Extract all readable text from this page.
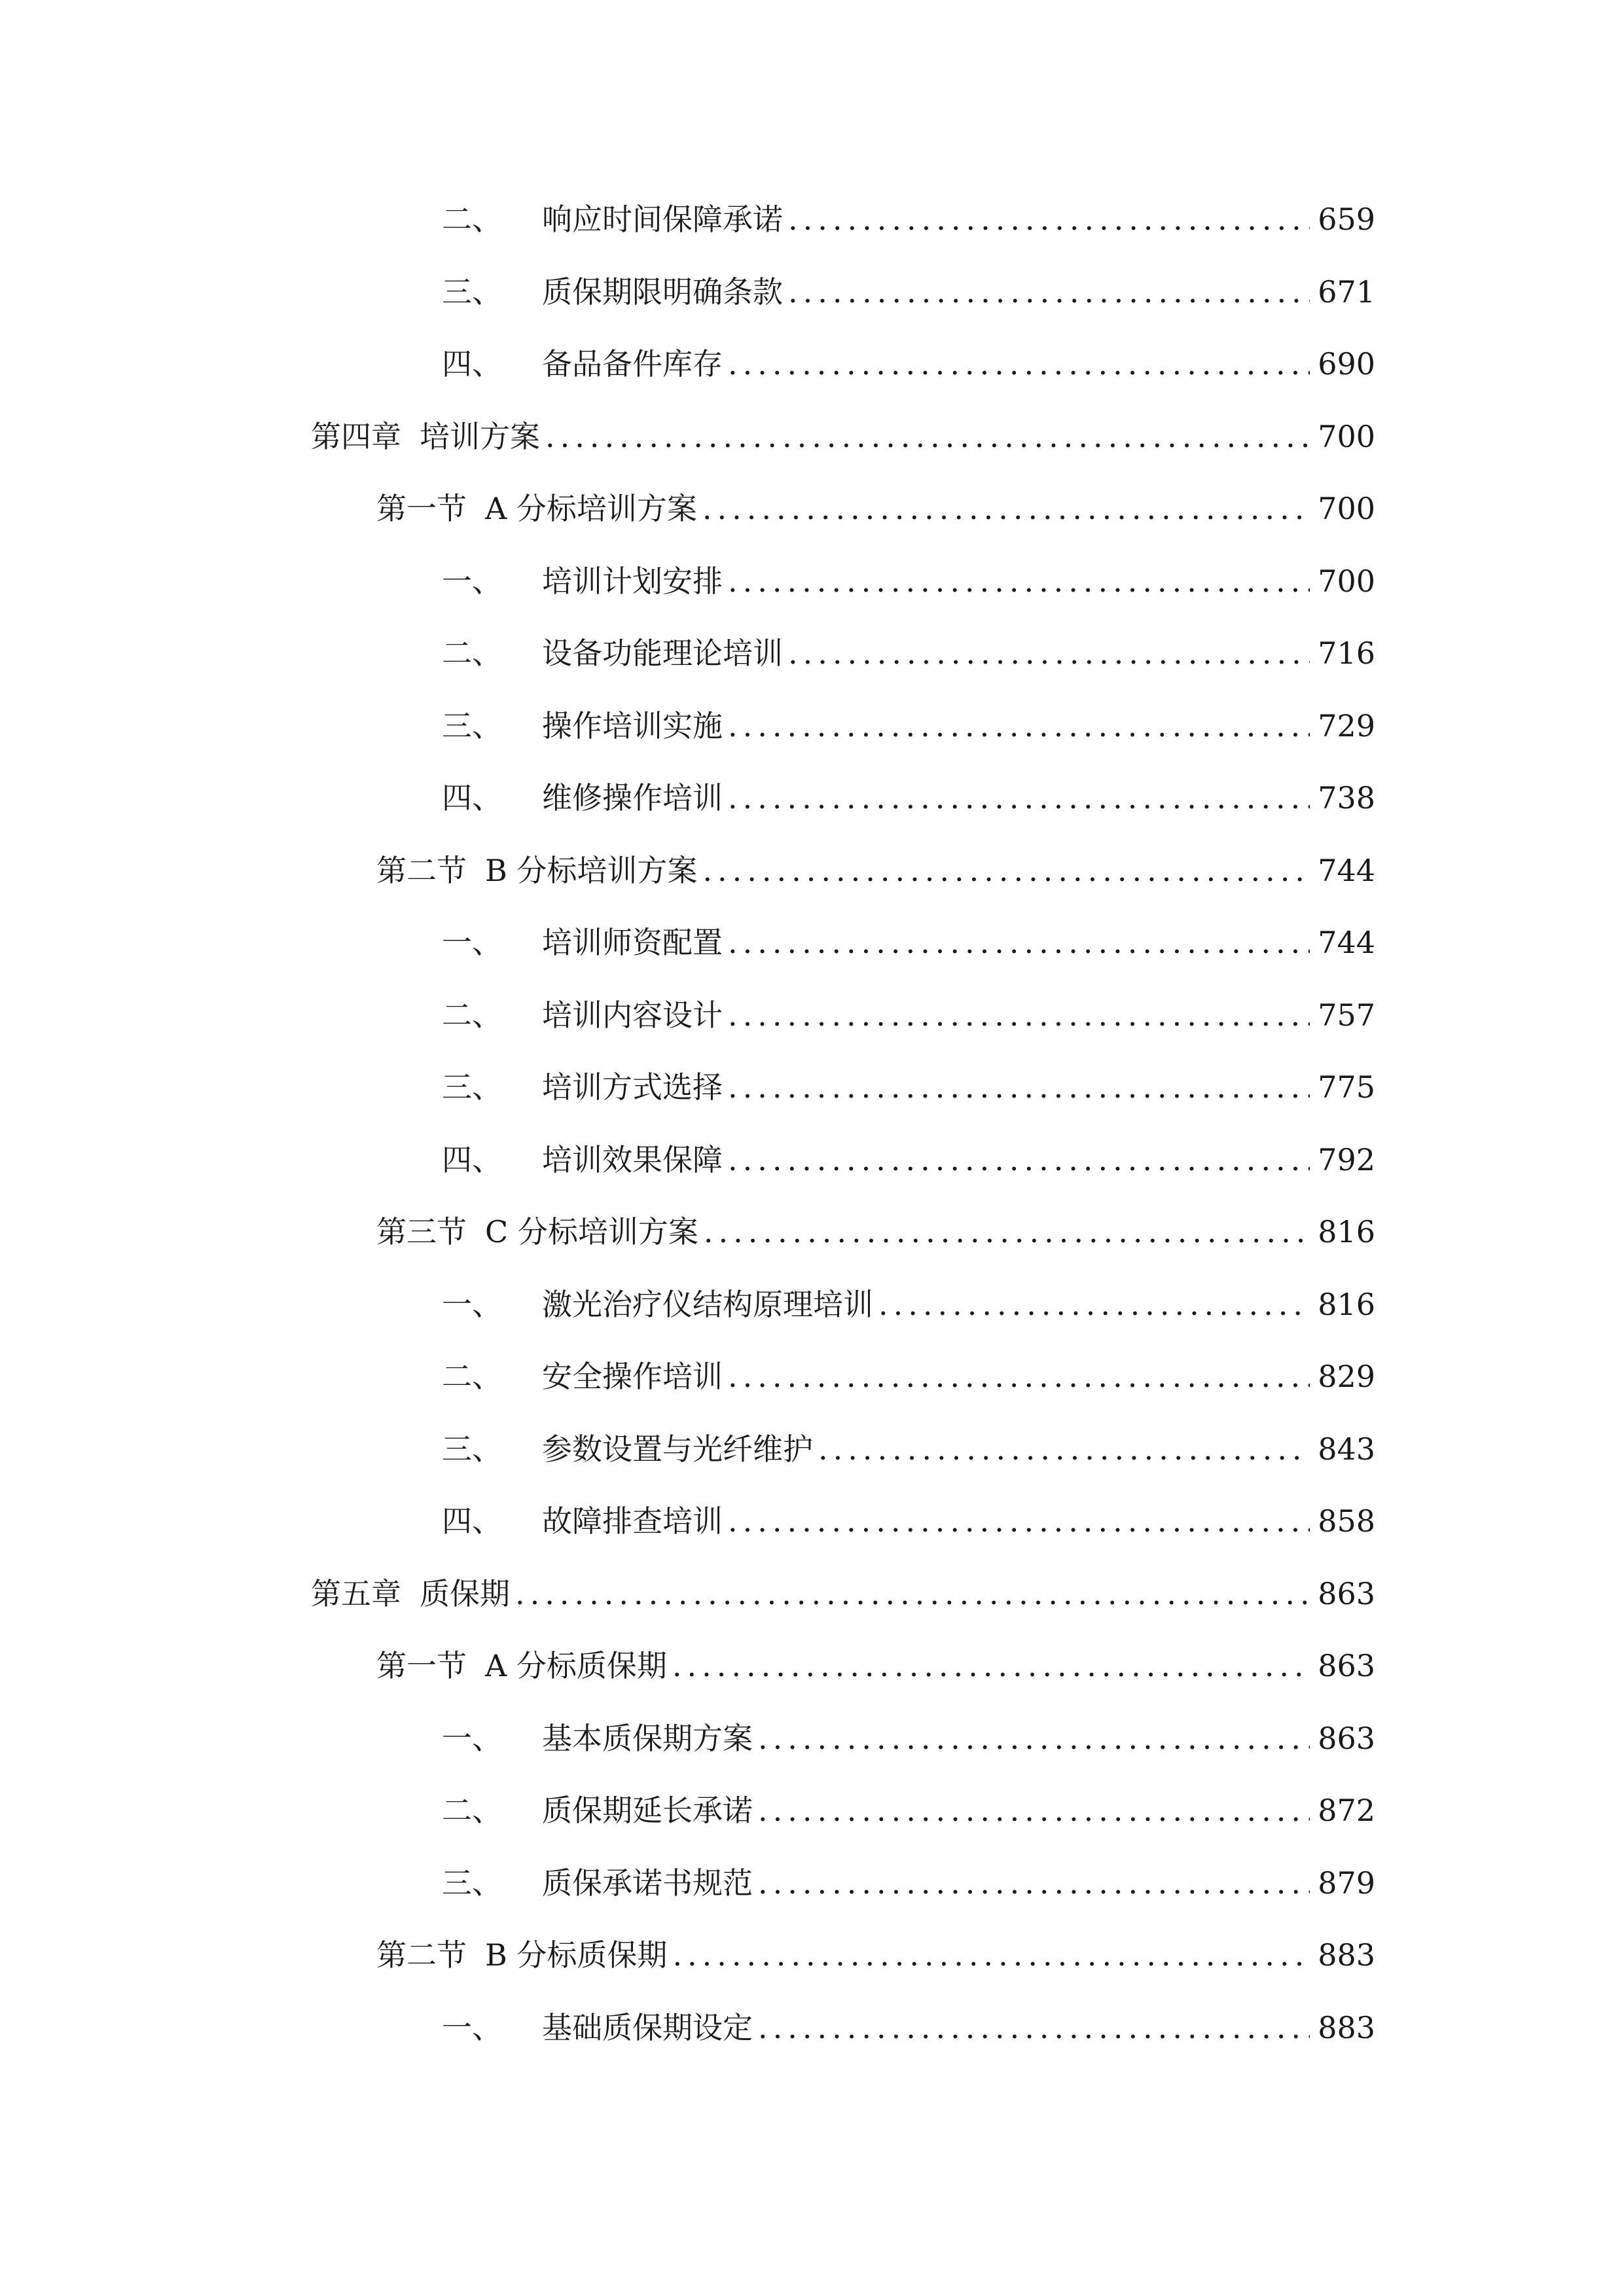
二、	响应时间保障承诺 .....	659
三、	质保期限明确条款 .....	671
四、	备品备件库存 .....	690
第四章 培训方案 .....	700
第一节 A 分标培训方案 .....	700
一、	培训计划安排 .....	700
二、	设备功能理论培训 .....	716
三、	操作培训实施 .....	729
四、	维修操作培训 .....	738
第二节 B 分标培训方案 .....	744
一、	培训师资配置 .....	744
二、	培训内容设计 .....	757
三、	培训方式选择 .....	775
四、	培训效果保障 .....	792
第三节 C 分标培训方案 .....	816
一、	激光治疗仪结构原理培训 .....	816
二、	安全操作培训 .....	829
三、	参数设置与光纤维护 .....	843
四、	故障排查培训 .....	858
第五章 质保期 .....	863
第一节 A 分标质保期 .....	863
一、	基本质保期方案 .....	863
二、	质保期延长承诺 .....	872
三、	质保承诺书规范 .....	879
第二节 B 分标质保期 .....	883
一、	基础质保期设定 .....	883
